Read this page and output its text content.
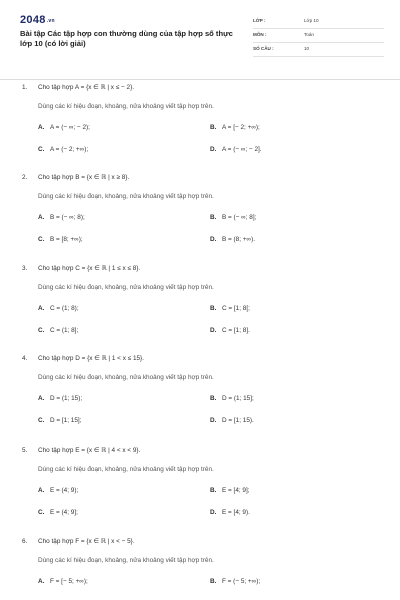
2048.vn
Bài tập Các tập hợp con thường dùng của tập hợp số thực lớp 10 (có lời giải)
LỚP :	Lớp 10
MÔN :	Toán
SỐ CÂU :	10
1. Cho tập hợp A = {x ∈ ℝ | x ≤ − 2}.
Dùng các kí hiệu đoạn, khoảng, nửa khoảng viết tập hợp trên.
A. A = (− ∞; − 2);	B. A = [− 2; +∞);
C. A = (− 2; +∞);	D. A = (− ∞; − 2].
2. Cho tập hợp B = {x ∈ ℝ | x ≥ 8}.
Dùng các kí hiệu đoạn, khoảng, nửa khoảng viết tập hợp trên.
A. B = (− ∞; 8);	B. B = (− ∞; 8];
C. B = [8; +∞);	D. B = (8; +∞).
3. Cho tập hợp C = {x ∈ ℝ | 1 ≤ x ≤ 8}.
Dùng các kí hiệu đoạn, khoảng, nửa khoảng viết tập hợp trên.
A. C = (1; 8);	B. C = [1; 8[;
C. C = (1; 8];	D. C = [1; 8].
4. Cho tập hợp D = {x ∈ ℝ | 1 < x ≤ 15}.
Dùng các kí hiệu đoạn, khoảng, nửa khoảng viết tập hợp trên.
A. D = (1; 15);	B. D = (1; 15];
C. D = [1; 15];	D. D = [1; 15).
5. Cho tập hợp E = {x ∈ ℝ | 4 < x < 9}.
Dùng các kí hiệu đoạn, khoảng, nửa khoảng viết tập hợp trên.
A. E = (4; 9);	B. E = [4; 9];
C. E = (4; 9];	D. E = [4; 9).
6. Cho tập hợp F = {x ∈ ℝ | x < − 5}.
Dùng các kí hiệu đoạn, khoảng, nửa khoảng viết tập hợp trên.
A. F = [− 5; +∞);	B. F = (− 5; +∞);
